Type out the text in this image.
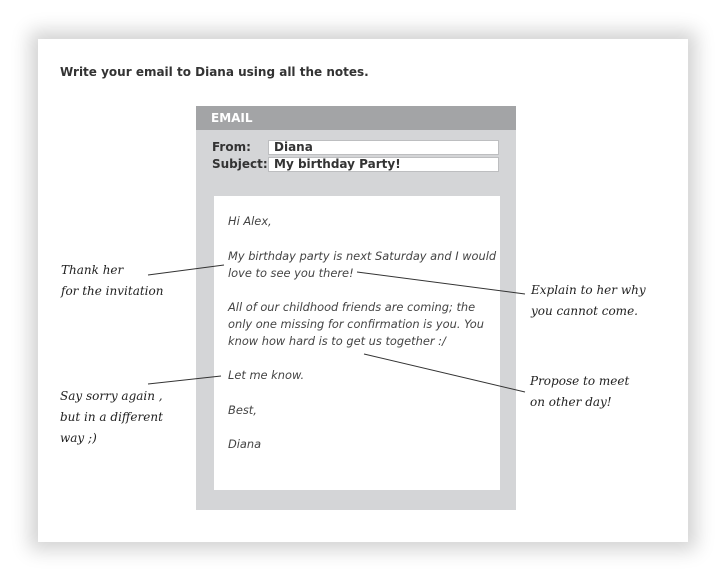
Write your email to Diana using all the notes.
EMAIL
From:	Diana
Subject: My birthday Party!
Hi Alex,
My birthday party is next Saturday and I would
love to see you there!
All of our childhood friends are coming; the
only one missing for confirmation is you. You
know how hard is to get us together :/
Let me know.
Best,
Diana
Thank her
for the invitation	Explain to her why
you cannot come.
Propose to meet
on other day!
Say sorry again ,
but in a different
way ;)
